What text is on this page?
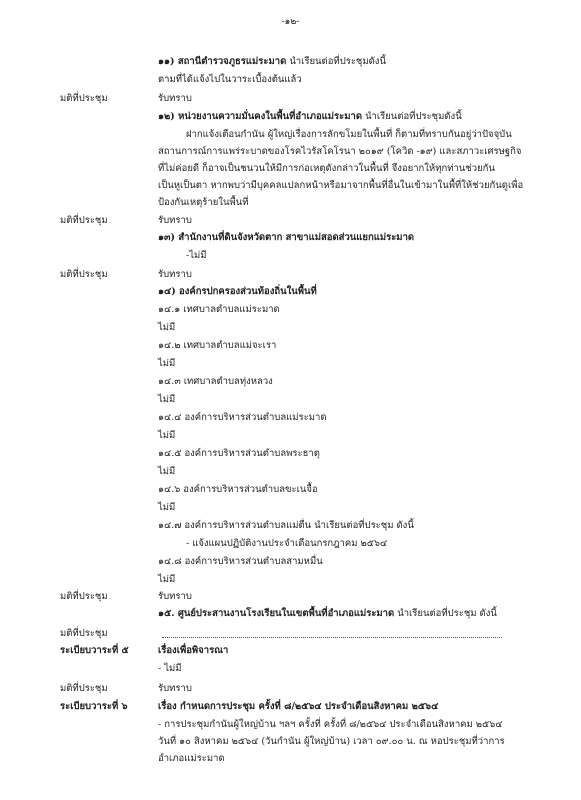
-๑๒-
๑๑) สถานีตำรวจภูธรแม่ระมาด นำเรียนต่อที่ประชุมดังนี้
ตามที่ได้แจ้งไปในวาระเบื้องต้นแล้ว
มติที่ประชุม	รับทราบ
๑๒) หน่วยงานความมั่นคงในพื้นที่อำเภอแม่ระมาด นำเรียนต่อที่ประชุมดังนี้
ฝากแจ้งเตือนกำนัน ผู้ใหญ่เรื่องการลักขโมยในพื้นที่ ก็ตามที่ทราบกันอยู่ว่าปัจจุบัน
สถานการณ์การแพร่ระบาดของโรคไวรัสโคโรนา ๒๐๑๙ (โควิด -๑๙) และสภาวะเศรษฐกิจ
ที่ไม่ค่อยดี ก็อาจเป็นชนวนให้มีการก่อเหตุดังกล่าวในพื้นที่ จึงอยากให้ทุกท่านช่วยกัน
เป็นหูเป็นตา หากพบว่ามีบุคคลแปลกหน้าหรือมาจากพื้นที่อื่นในเข้ามาในพื้ที่ให้ช่วยกันดูเพื่อ
ป้องกันเหตุร้ายในพื้นที่
มติที่ประชุม	รับทราบ
๑๓) สำนักงานที่ดินจังหวัดตาก สาขาแม่สอดส่วนแยกแม่ระมาด
-ไม่มี
มติที่ประชุม	รับทราบ
๑๔) องค์กรปกครองส่วนท้องถิ่นในพื้นที่
๑๔.๑ เทศบาลตำบลแม่ระมาด
ไม่มี
๑๔.๒ เทศบาลตำบลแม่จะเรา
ไม่มี
๑๔.๓ เทศบาลตำบลทุ่งหลวง
ไม่มี
๑๔.๔ องค์การบริหารส่วนตำบลแม่ระมาด
ไม่มี
๑๔.๕ องค์การบริหารส่วนตำบลพระธาตุ
ไม่มี
๑๔.๖ องค์การบริหารส่วนตำบลขะเนจื้อ
ไม่มี
๑๔.๗ องค์การบริหารส่วนตำบลแม่ตื่น นำเรียนต่อที่ประชุม ดังนี้
- แจ้งแผนปฏิบัติงานประจำเดือนกรกฎาคม ๒๕๖๔
๑๔.๘ องค์การบริหารส่วนตำบลสามหมื่น
ไม่มี
มติที่ประชุม	รับทราบ
๑๕. ศูนย์ประสานงานโรงเรียนในเขตพื้นที่อำเภอแม่ระมาด นำเรียนต่อที่ประชุม ดังนี้
มติที่ประชุม
ระเบียบวาระที่ ๕	เรื่องเพื่อพิจารณา
- ไม่มี
มติที่ประชุม	รับทราบ
ระเบียบวาระที่ ๖	เรื่อง กำหนดการประชุม ครั้งที่ ๘/๒๕๖๔ ประจำเดือนสิงหาคม ๒๕๖๔
- การประชุมกำนันผู้ใหญ่บ้าน ฯลฯ ครั้งที่ ครั้งที่ ๘/๒๕๖๔ ประจำเดือนสิงหาคม ๒๕๖๔
วันที่ ๑๐ สิงหาคม ๒๕๖๔ (วันกำนัน ผู้ใหญ่บ้าน) เวลา ๐๙.๐๐ น. ณ หอประชุมที่ว่าการ
อำเภอแม่ระมาด
